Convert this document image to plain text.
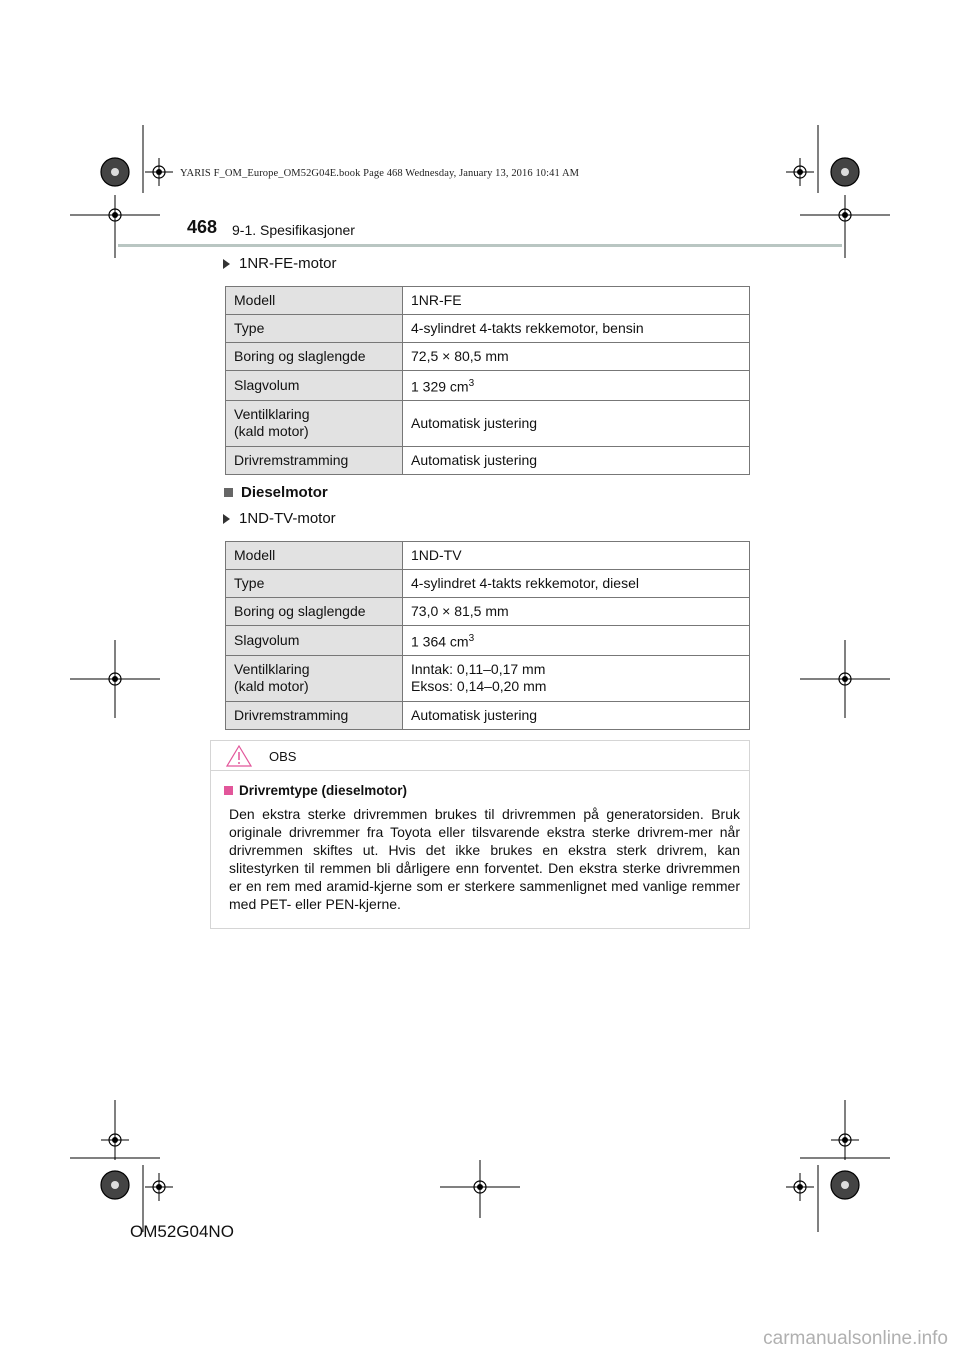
YARIS F_OM_Europe_OM52G04E.book Page 468 Wednesday, January 13, 2016 10:41 AM
468 9-1. Spesifikasjoner
1NR-FE-motor
Modell	1NR-FE
Type	4-sylindret 4-takts rekkemotor, bensin
Boring og slaglengde	72,5 × 80,5 mm
Slagvolum	1 329 $cm^3$
Ventilklaring
(kald motor)	Automatisk justering
Drivremstramming	Automatisk justering
Dieselmotor
1ND-TV-motor
Modell	1ND-TV
Type	4-sylindret 4-takts rekkemotor, diesel
Boring og slaglengde	73,0 × 81,5 mm
Slagvolum	1 364 $cm^3$
Ventilklaring
(kald motor)	Inntak: 0,11–0,17 mm
Eksos: 0,14–0,20 mm
Drivremstramming	Automatisk justering
OBS
Drivremtype (dieselmotor)
Den ekstra sterke drivremmen brukes til drivremmen på generatorsiden. Bruk originale drivremmer fra Toyota eller tilsvarende ekstra sterke drivrem-mer når drivremmen skiftes ut. Hvis det ikke brukes en ekstra sterk drivrem, kan slitestyrken til remmen bli dårligere enn forventet. Den ekstra sterke drivremmen er en rem med aramid-kjerne som er sterkere sammenlignet med vanlige remmer med PET- eller PEN-kjerne.
OM52G04NO
carmanualsonline.info
